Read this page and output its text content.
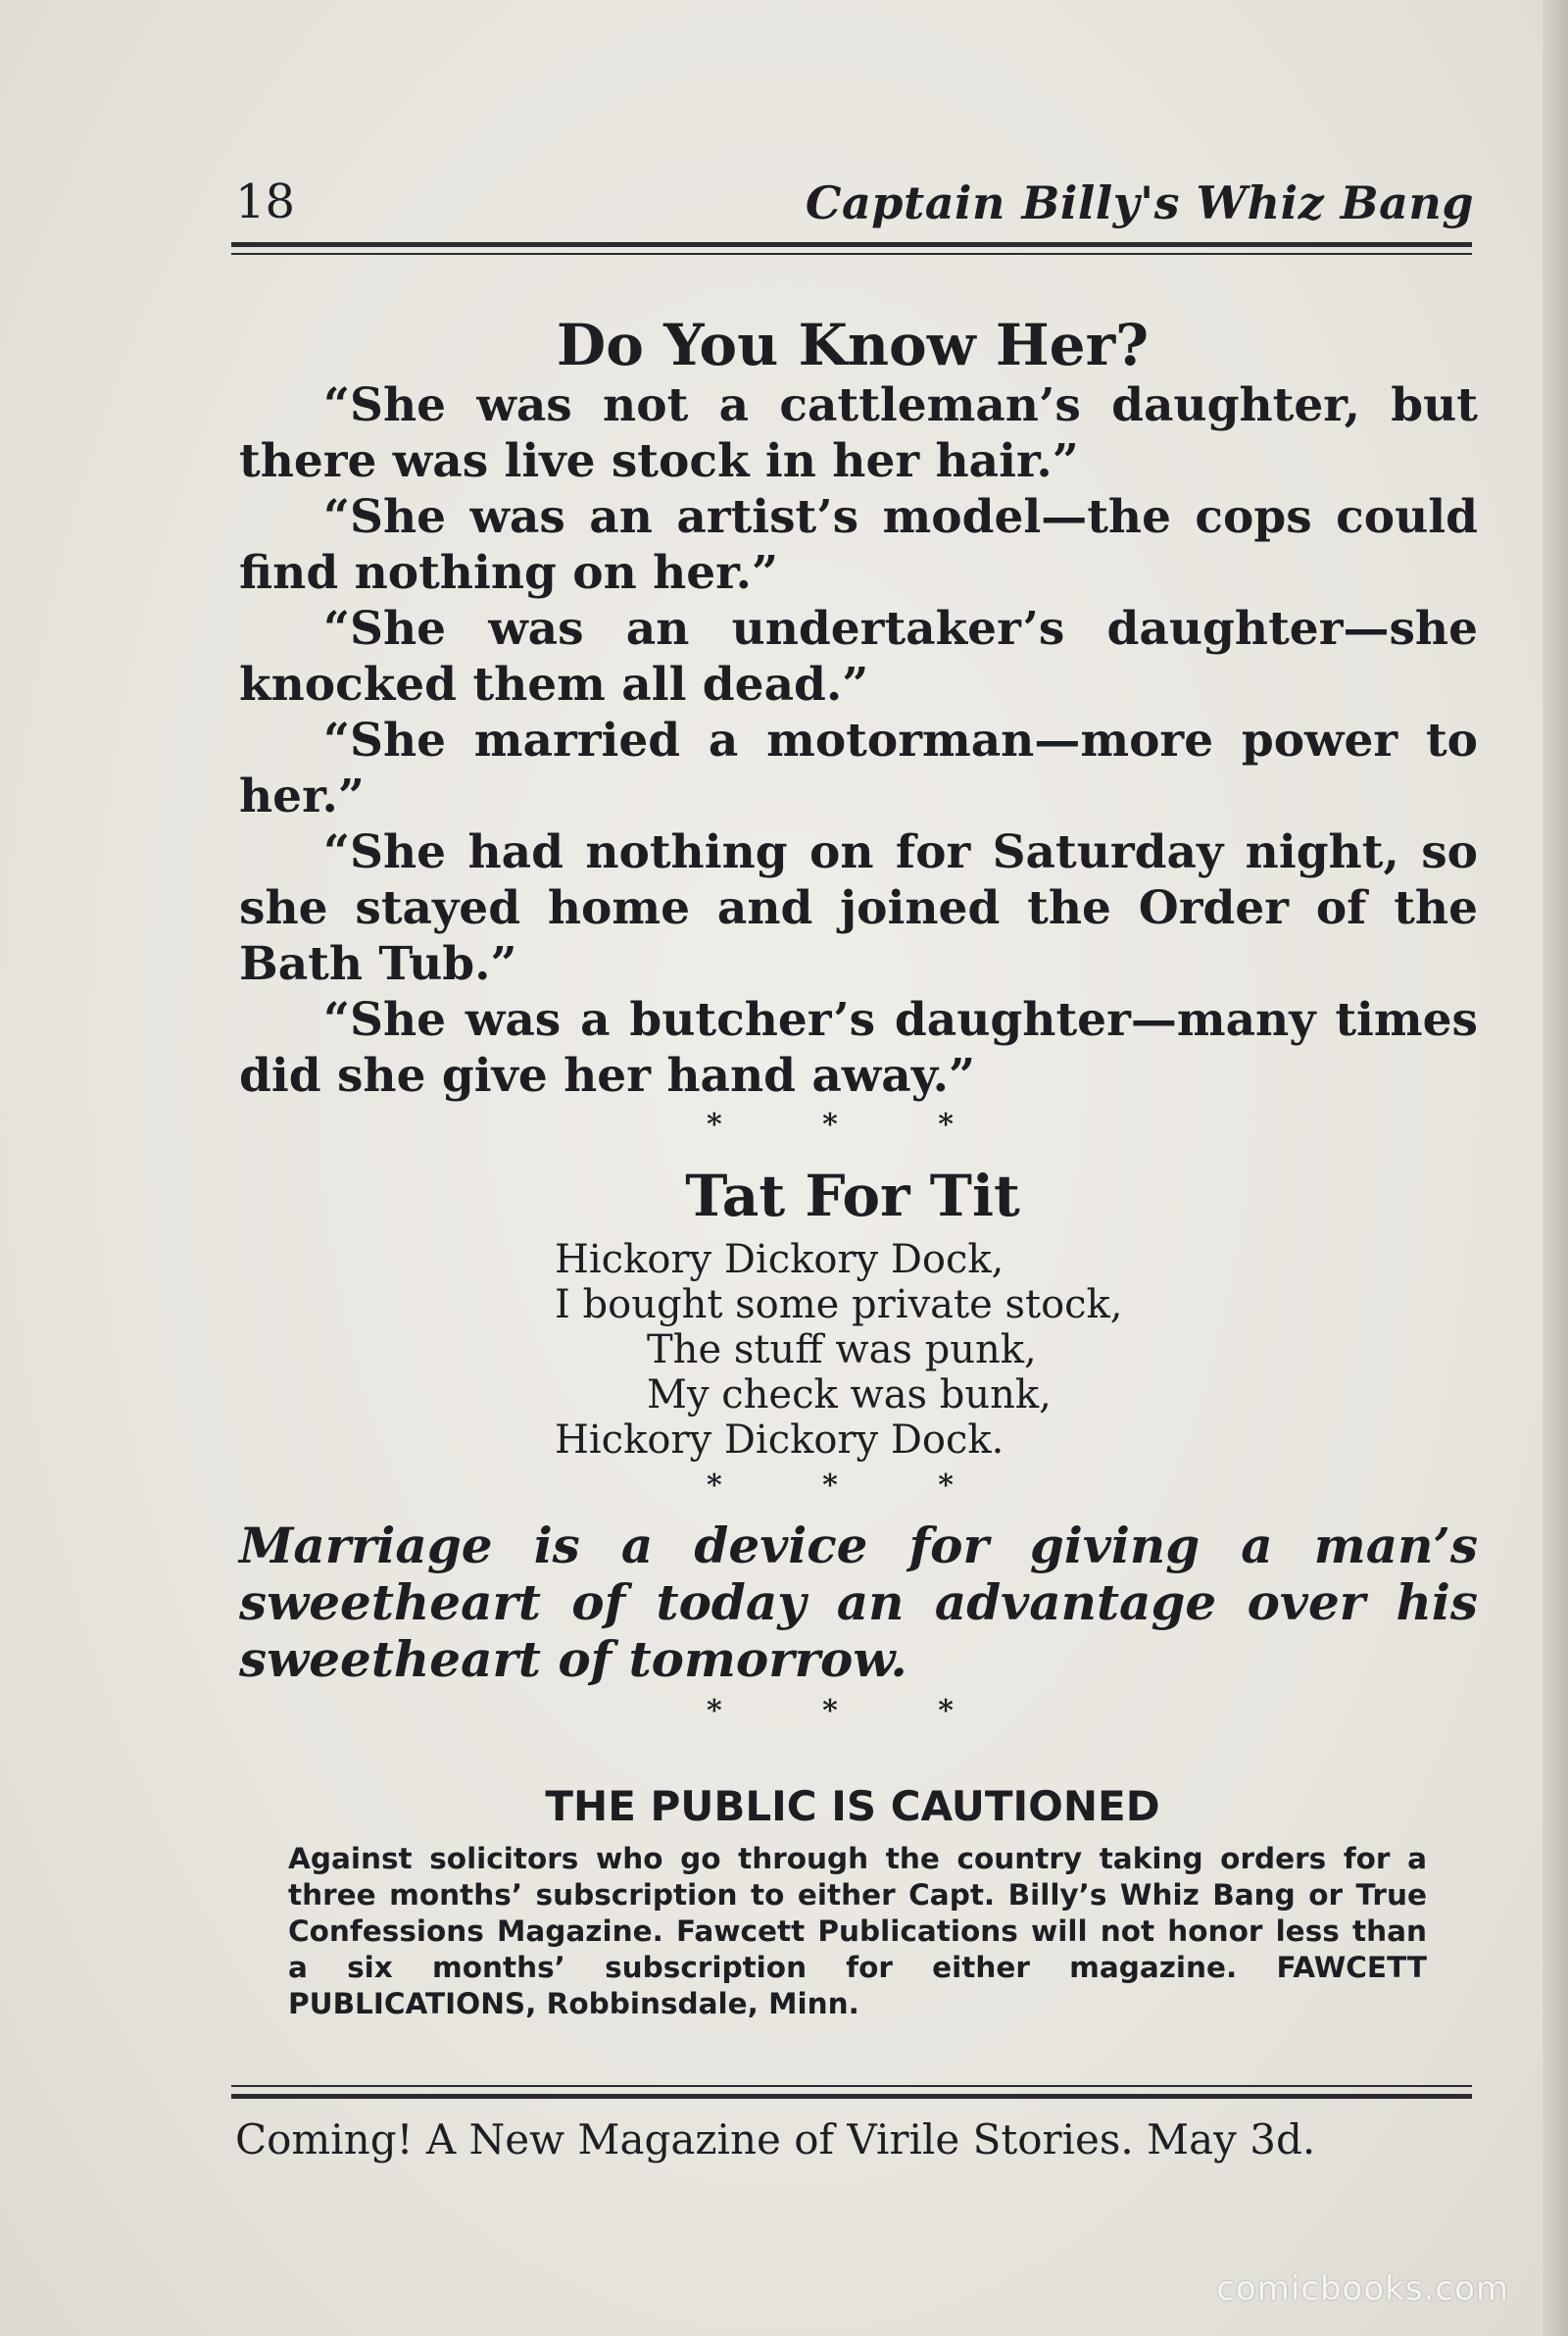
18	Captain Billy's Whiz Bang
Do You Know Her?

“She was not a cattleman’s daughter, but there was live stock in her hair.”

“She was an artist’s model—the cops could find nothing on her.”

“She was an undertaker’s daughter—she knocked them all dead.”

“She married a motorman—more power to her.”

“She had nothing on for Saturday night, so she stayed home and joined the Order of the Bath Tub.”

“She was a butcher’s daughter—many times did she give her hand away.”

* * *
Tat For Tit

Hickory Dickory Dock,

I bought some private stock,

The stuff was punk,

My check was bunk,

Hickory Dickory Dock.

* * *

Marriage is a device for giving a man’s sweetheart of today an advantage over his sweetheart of tomorrow.

* * *
THE PUBLIC IS CAUTIONED

Against solicitors who go through the country taking orders for a three months’ subscription to either Capt. Billy’s Whiz Bang or True Confessions Magazine. Fawcett Publications will not honor less than a six months’ subscription for either magazine. FAWCETT PUBLICATIONS, Robbinsdale, Minn.

Coming! A New Magazine of Virile Stories. May 3d.

comicbooks.com
